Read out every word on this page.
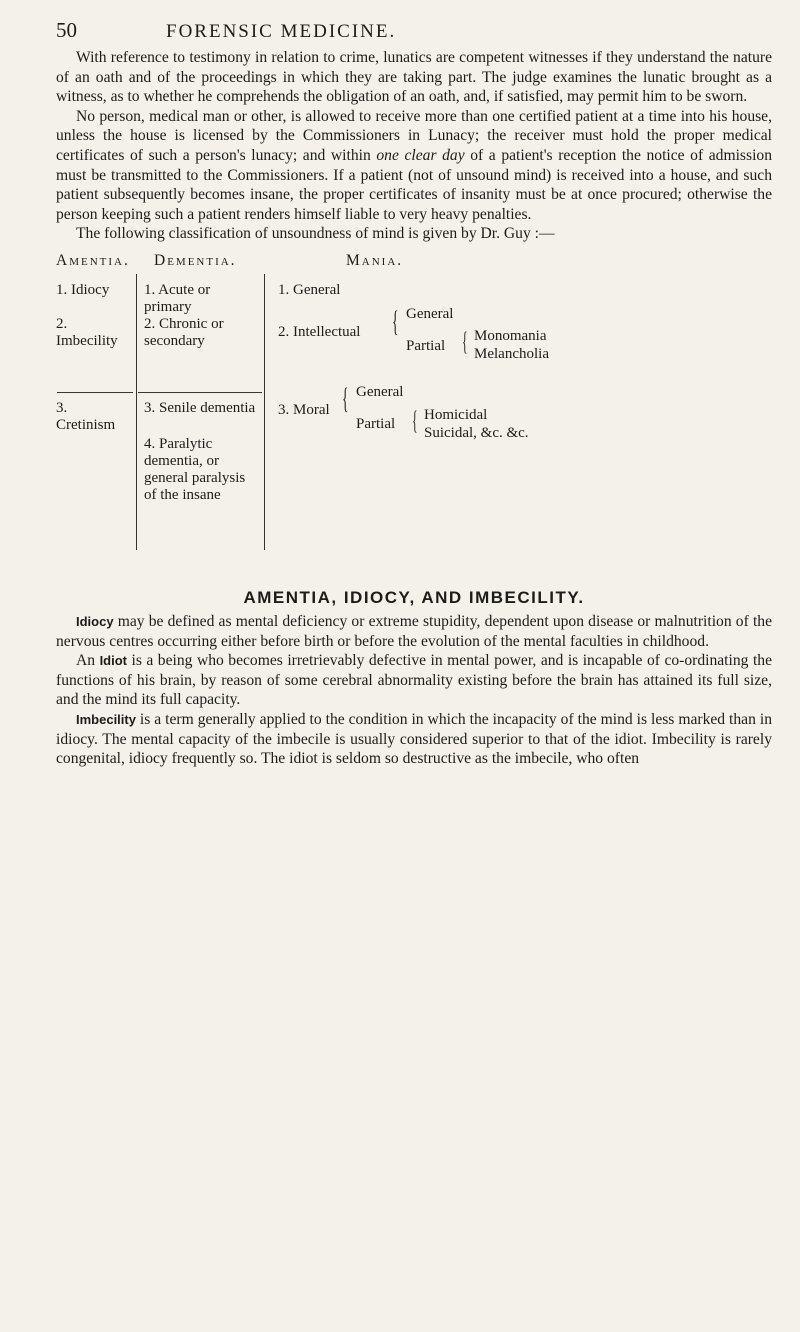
50	FORENSIC MEDICINE.

With reference to testimony in relation to crime, lunatics are competent witnesses if they understand the nature of an oath and of the proceedings in which they are taking part. The judge examines the lunatic brought as a witness, as to whether he comprehends the obligation of an oath, and, if satisfied, may permit him to be sworn.

No person, medical man or other, is allowed to receive more than one certified patient at a time into his house, unless the house is licensed by the Commissioners in Lunacy; the receiver must hold the proper medical certificates of such a person's lunacy; and within one clear day of a patient's reception the notice of admission must be transmitted to the Commissioners. If a patient (not of unsound mind) is received into a house, and such patient subsequently becomes insane, the proper certificates of insanity must be at once procured; otherwise the person keeping such a patient renders himself liable to very heavy penalties.

The following classification of unsoundness of mind is given by Dr. Guy :—

Amentia. Dementia.	Mania.
1. Idiocy
2. Imbecility
3. Cretinism
1. Acute or primary
2. Chronic or secondary
3. Senile dementia
4. Paralytic dementia, or general paralysis of the insane
1. General
2. Intellectual { General
Partial { Monomania
Melancholia
3. Moral { General
Partial { Homicidal
Suicidal, &c. &c.
AMENTIA, IDIOCY, AND IMBECILITY.

Idiocy may be defined as mental deficiency or extreme stupidity, dependent upon disease or malnutrition of the nervous centres occurring either before birth or before the evolution of the mental faculties in childhood.

An Idiot is a being who becomes irretrievably defective in mental power, and is incapable of co-ordinating the functions of his brain, by reason of some cerebral abnormality existing before the brain has attained its full size, and the mind its full capacity.

Imbecility is a term generally applied to the condition in which the incapacity of the mind is less marked than in idiocy. The mental capacity of the imbecile is usually considered superior to that of the idiot. Imbecility is rarely congenital, idiocy frequently so. The idiot is seldom so destructive as the imbecile, who often
